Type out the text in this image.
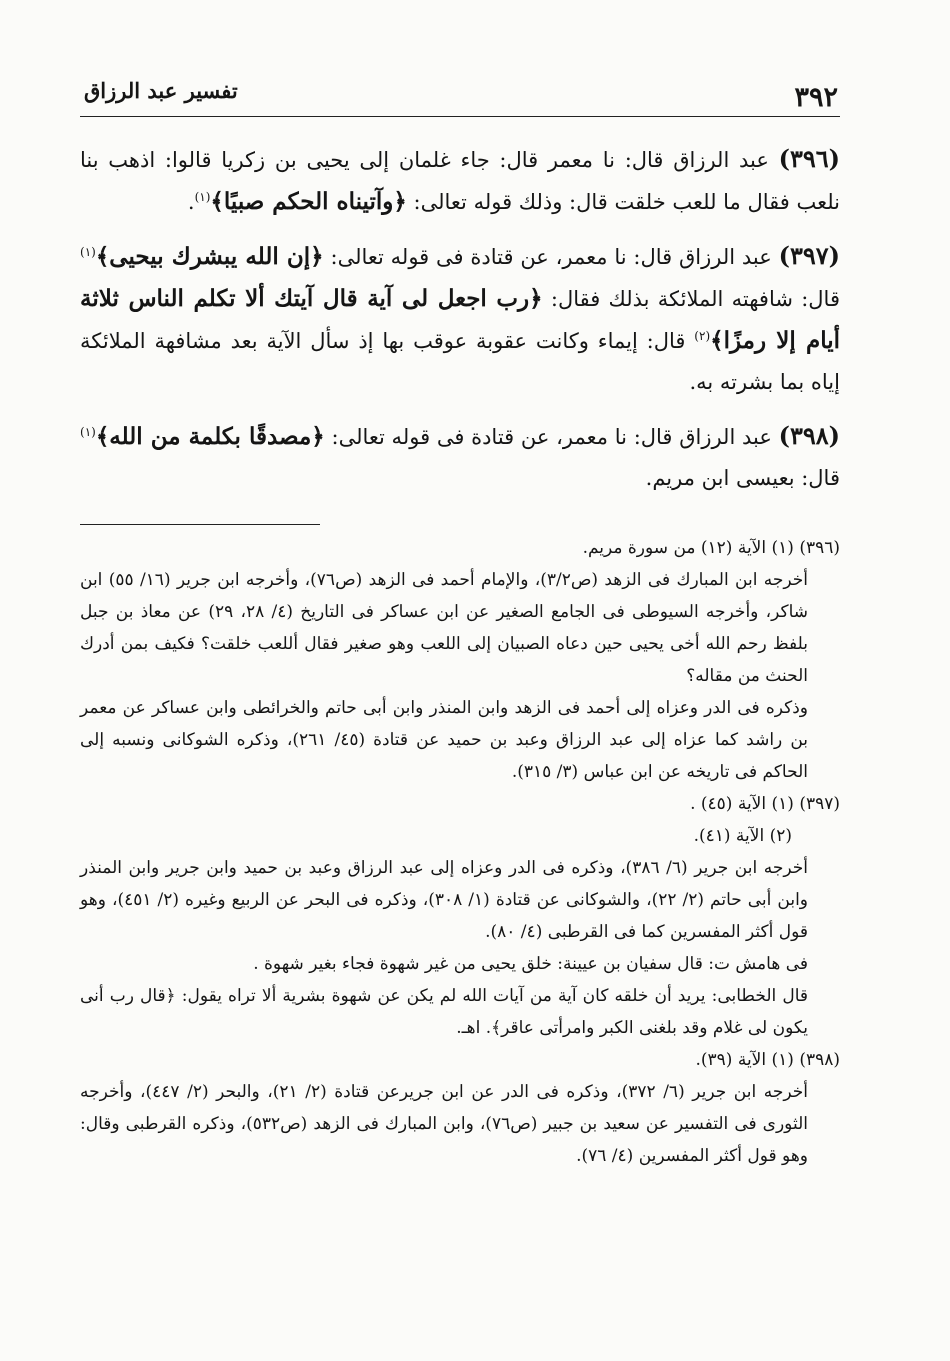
تفسير عبد الرزاق	٣٩٢

(٣٩٦) عبد الرزاق قال: نا معمر قال: جاء غلمان إلى يحيى بن زكريا قالوا: اذهب بنا نلعب فقال ما للعب خلقت قال: وذلك قوله تعالى: ﴿وآتيناه الحكم صبيًا﴾$^{(١)}$.

(٣٩٧) عبد الرزاق قال: نا معمر، عن قتادة فى قوله تعالى: ﴿إن الله يبشرك بيحيى﴾$^{(١)}$ قال: شافهته الملائكة بذلك فقال: ﴿رب اجعل لى آية قال آيتك ألا تكلم الناس ثلاثة أيام إلا رمزًا﴾$^{(٢)}$ قال: إيماء وكانت عقوبة عوقب بها إذ سأل الآية بعد مشافهة الملائكة إياه بما بشرته به.

(٣٩٨) عبد الرزاق قال: نا معمر، عن قتادة فى قوله تعالى: ﴿مصدقًا بكلمة من الله﴾$^{(١)}$ قال: بعيسى ابن مريم.

(٣٩٦) (١) الآية (١٢) من سورة مريم.

أخرجه ابن المبارك فى الزهد (ص٣/٢)، والإمام أحمد فى الزهد (ص٧٦)، وأخرجه ابن جرير (١٦/ ٥٥) ابن شاكر، وأخرجه السيوطى فى الجامع الصغير عن ابن عساكر فى التاريخ (٤/ ٢٨، ٢٩) عن معاذ بن جبل بلفظ رحم الله أخى يحيى حين دعاه الصبيان إلى اللعب وهو صغير فقال أللعب خلقت؟ فكيف بمن أدرك الحنث من مقاله؟

وذكره فى الدر وعزاه إلى أحمد فى الزهد وابن المنذر وابن أبى حاتم والخرائطى وابن عساكر عن معمر بن راشد كما عزاه إلى عبد الرزاق وعبد بن حميد عن قتادة (٤٥/ ٢٦١)، وذكره الشوكانى ونسبه إلى الحاكم فى تاريخه عن ابن عباس (٣/ ٣١٥).

(٣٩٧) (١) الآية (٤٥) .

(٢) الآية (٤١).

أخرجه ابن جرير (٦/ ٣٨٦)، وذكره فى الدر وعزاه إلى عبد الرزاق وعبد بن حميد وابن جرير وابن المنذر وابن أبى حاتم (٢/ ٢٢)، والشوكانى عن قتادة (١/ ٣٠٨)، وذكره فى البحر عن الربيع وغيره (٢/ ٤٥١)، وهو قول أكثر المفسرين كما فى القرطبى (٤/ ٨٠).

فى هامش ت: قال سفيان بن عيينة: خلق يحيى من غير شهوة فجاء بغير شهوة .

قال الخطابى: يريد أن خلقه كان آية من آيات الله لم يكن عن شهوة بشرية ألا تراه يقول: ﴿قال رب أنى يكون لى غلام وقد بلغنى الكبر وامرأتى عاقر﴾. اهـ.

(٣٩٨) (١) الآية (٣٩).

أخرجه ابن جرير (٦/ ٣٧٢)، وذكره فى الدر عن ابن جريرعن قتادة (٢/ ٢١)، والبحر (٢/ ٤٤٧)، وأخرجه الثورى فى التفسير عن سعيد بن جبير (ص٧٦)، وابن المبارك فى الزهد (ص٥٣٢)، وذكره القرطبى وقال: وهو قول أكثر المفسرين (٤/ ٧٦).
